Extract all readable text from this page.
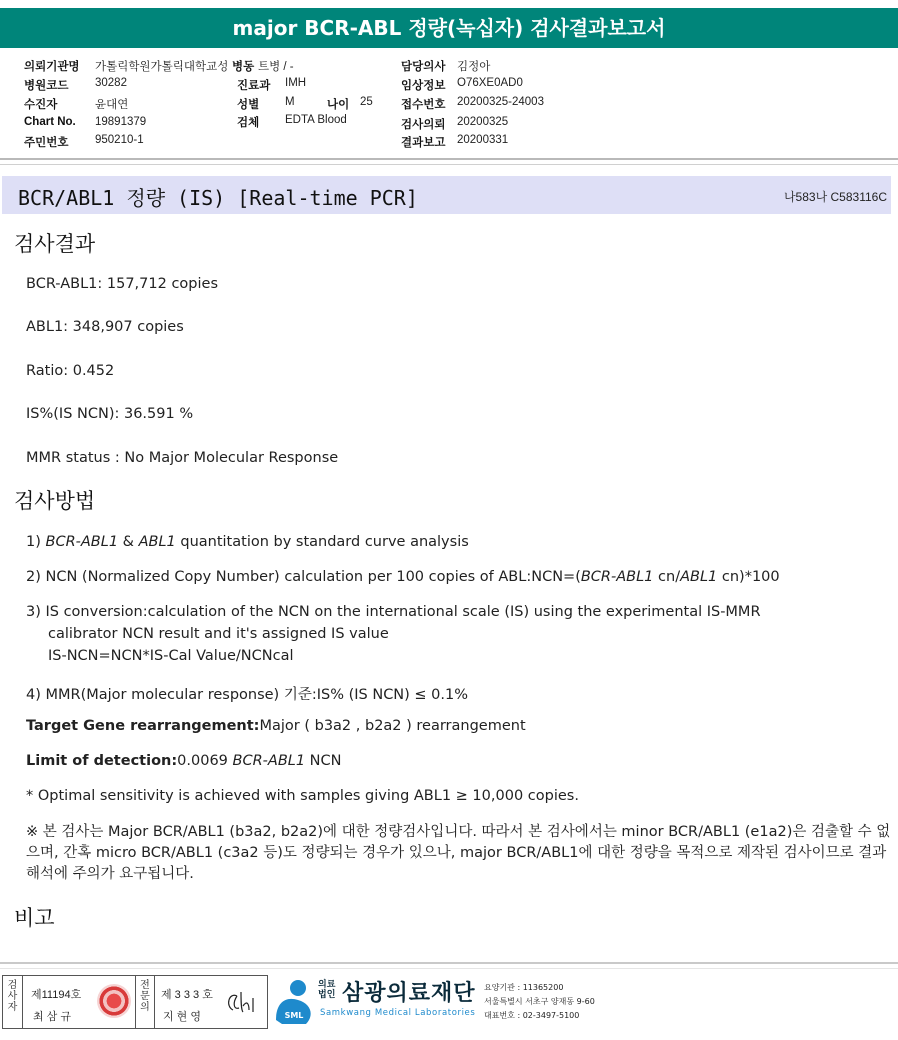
major BCR-ABL 정량(녹십자) 검사결과보고서
의뢰기관명 가톨릭학원가톨릭대학교성 병동 트병 / -	담당의사 김정아
병원코드 30282	진료과 IMH	임상정보 O76XE0AD0
수진자	윤대연	성별 M	나이 25 접수번호 20200325-24003
Chart No. 19891379	검체 EDTA Blood	검사의뢰 20200325
주민번호 950210-1	결과보고 20200331
BCR/ABL1 정량 (IS) [Real-time PCR]	나583나 C583116C
검사결과
BCR-ABL1: 157,712 copies
ABL1: 348,907 copies
Ratio: 0.452
IS%(IS NCN): 36.591 %
MMR status : No Major Molecular Response
검사방법
1) BCR-ABL1 & ABL1 quantitation by standard curve analysis
2) NCN (Normalized Copy Number) calculation per 100 copies of ABL:NCN=(BCR-ABL1 cn/ABL1 cn)*100
3) IS conversion:calculation of the NCN on the international scale (IS) using the experimental IS-MMR
calibrator NCN result and it's assigned IS value
IS-NCN=NCN*IS-Cal Value/NCNcal
4) MMR(Major molecular response) 기준:IS% (IS NCN) ≤ 0.1%
Target Gene rearrangement:Major ( b3a2 , b2a2 ) rearrangement
Limit of detection:0.0069 BCR-ABL1 NCN
* Optimal sensitivity is achieved with samples giving ABL1 ≥ 10,000 copies.
※ 본 검사는 Major BCR/ABL1 (b3a2, b2a2)에 대한 정량검사입니다. 따라서 본 검사에서는 minor BCR/ABL1 (e1a2)은 검출할 수 없으며, 간혹 micro BCR/ABL1 (c3a2 등)도 정량되는 경우가 있으나, major BCR/ABL1에 대한 정량을 목적으로 제작된 검사이므로 결과해석에 주의가 요구됩니다.
비고
검
사
자
제11194호
최 삼 규
전
문
의
제 3 3 3 호
지 현 영	SML
의료
법인 삼광의료재단
Samkwang Medical Laboratories
요양기관 : 11365200
서울특별시 서초구 양재동 9-60
대표번호 : 02-3497-5100
